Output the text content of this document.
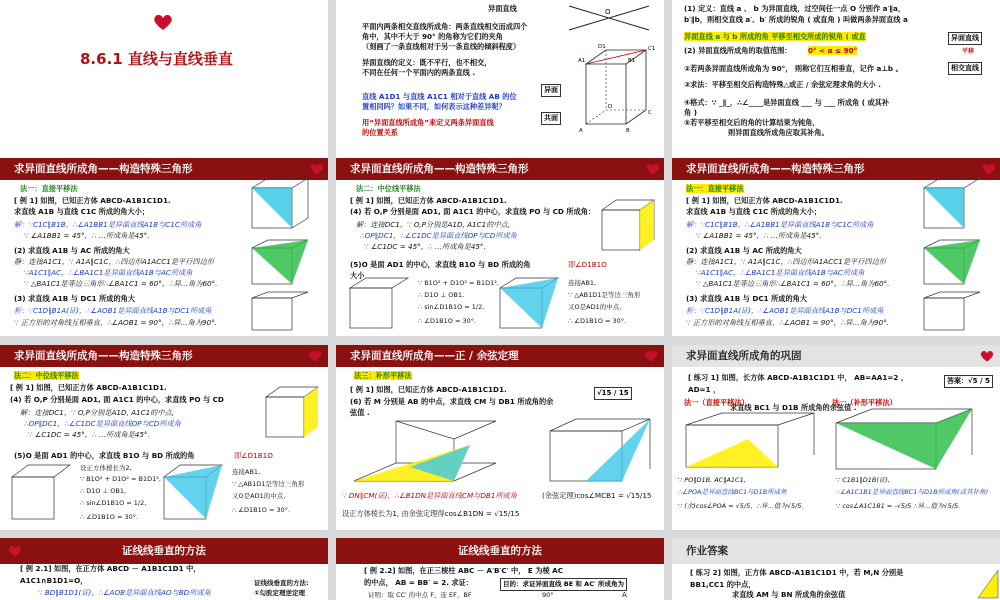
8.6.1 直线与直线垂直
异面直线	O
平面内两条相交直线所成角：两条直线相交而成四个
角中，其中不大于 90° 的角称为它们的夹角
（刻画了一条直线相对于另一条直线的倾斜程度）
异面直线的定义：既不平行，也不相交，
不同在任何一个平面内的两条直线 .
直线 A1D1 与直线 A1C1 相对于直线 AB 的位
置相同吗？如果不同，如何表示这种差异呢？
用“异面直线所成角”来定义两条异面直线
的位置关系
异面
共面
A1	B1
C1
D1
A	B
C
D
(1) 定义：直线 a 、 b 为异面直线，过空间任一点 O 分别作 a′∥a，
b′∥b，则相交直线 a′、b′ 所成的锐角 ( 或直角 ) 叫做两条异面直线 a
异面直线 a 与 b 所成的角 平移至相交所成的锐角 ( 或直
(2) 异面直线所成角的取值范围： 0° < α ≤ 90°
②若两条异面直线所成角为 90°， 则称它们互相垂直，记作 a⊥b 。
③求法：平移至相交后构造特殊△或正 / 余弦定理求角的大小 .
④格式：∵ _∥_，∴∠____是异面直线 ___ 与 ___ 所成角 ( 或其补
角 )
⑤若平移至相交后的角的计算结果为钝角，
则异面直线所成角应取其补角。
异面直线
平移
相交直线
求异面直线所成角——构造特殊三角形
法一：直接平移法
[ 例 1] 如图，已知正方体 ABCD-A1B1C1D1.
求直线 A1B 与直线 C1C 所成的角大小；
解：∵C1C∥B1B，∴∠A1BB1是异面直线A1B与C1C所成角
∵ ∠A1BB1 = 45°，∴ …所成角是45°.
(2) 求直线 A1B 与 AC 所成的角大
静：连接A1C1，∵ A1A∥C1C，∴四边形A1ACC1是平行四边形
∵A1C1∥AC，∴∠BA1C1是异面直线A1B与AC所成角
∵ △BA1C1是等边三角形∴∠BA1C1 = 60°，∴异…角为60°.
(3) 求直线 A1B 与 DC1 所成的角大
析：∵C1D∥B1A(证)，∴∠AOB1是异面直线A1B与DC1所成角
∵ 正方形的对角线互相垂直，∴∠AOB1 = 90°，∴异…角为90°.
求异面直线所成角——构造特殊三角形
法二：中位线平移法
[ 例 1] 如图，已知正方体 ABCD-A1B1C1D1.
(4) 若 O,P 分别是面 AD1, 面 A1C1 的中心，求直线 PO 与 CD 所成角：
解：连接DC1，∵ O,P分别是A1D, A1C1的中点,
∴OP∥DC1，∴∠C1DC是异面直线OP与CD所成角
∵ ∠C1DC = 45°，∴ …所成角是45°.
(5)O 是面 AD1 的中心，求直线 B1O 与 BD 所成的角
大小
即∠D1B1O
∵ B1O² + D1O² = B1D1²,
∴ D1O ⊥ OB1,
∴ sin∠D1B1O = 1/2,
∴ ∠D1B1O = 30°.
连接AB1,
∵ △AB1D1是等边三角形
又O是AD1的中点,
∴ ∠D1B1O = 30°.
求异面直线所成角——构造特殊三角形
法一：直接平移法
[ 例 1] 如图，已知正方体 ABCD-A1B1C1D1.
求直线 A1B 与直线 C1C 所成的角大小；
解：∵C1C∥B1B，∴∠A1BB1是异面直线A1B与C1C所成角
∵ ∠A1BB1 = 45°，∴ …所成角是45°.
(2) 求直线 A1B 与 AC 所成的角大
静：连接A1C1，∵ A1A∥C1C，∴四边形A1ACC1是平行四边形
∵A1C1∥AC，∴∠BA1C1是异面直线A1B与AC所成角
∵ △BA1C1是等边三角形∴∠BA1C1 = 60°，∴异…角为60°.
(3) 求直线 A1B 与 DC1 所成的角大
析：∵C1D∥B1A(证)，∴∠AOB1是异面直线A1B与DC1所成角
∵ 正方形的对角线互相垂直，∴∠AOB1 = 90°，∴异…角为90°.
求异面直线所成角——构造特殊三角形
法二：中位线平移法
[ 例 1] 如图，已知正方体 ABCD-A1B1C1D1.
(4) 若 O,P 分别是面 AD1, 面 A1C1 的中心，求直线 PO 与 CD
解：连接DC1，∵ O,P分别是A1D, A1C1的中点,
∴OP∥DC1，∴∠C1DC是异面直线OP与CD所成角
∵ ∠C1DC = 45°，∴ …所成角是45°.
(5)O 是面 AD1 的中心，求直线 B1O 与 BD 所成的角	即∠D1B1O
设正方体棱长为2,
∵ B1O² + D1O² = B1D1²,
∴ D1O ⊥ OB1,
∴ sin∠D1B1O = 1/2,
∴ ∠D1B1O = 30°.
连接AB1,
∵ △AB1D1是等边三角形
又O是AD1的中点,
∴ ∠D1B1O = 30°.
求异面直线所成角——正 / 余弦定理
法三：补形平移法
[ 例 1] 如图，已知正方体 ABCD-A1B1C1D1.
(6) 若 M 分别是 AB 的中点，求直线 CM 与 DB1 所成角的余
弦值 .
√15 / 15
∵ DN∥CM(证)，∴∠B1DN是异面直线CM与DB1所成角	(余弦定理)cos∠MCB1 = √15/15
设正方体棱长为1, 由余弦定理得cos∠B1DN = √15/15
求异面直线所成角的巩固
[ 练习 1] 如图，长方体 ABCD-A1B1C1D1 中， AB=AA1=2 ，
AD=1 ，
答案：√5 / 5
法一（直接平移法）	法一（补形平移法）
求直线 BC1 与 D1B 所成角的余弦值 .
∵ PO∥D1B, AC∥A1C1,
∴∠POA是异面直线BC1与D1B所成角
∵ (余)cos∠POA = √5/5，∴异…值为√5/5.
∵ C1B1∥D1B(证),
∴∠A1C1B1是异面直线BC1与D1B所成角(或其补角)
∵ cos∠A1C1B1 = -√5/5 ∴异…值为√5/5.
证线线垂直的方法
[ 例 2.1] 如图，在正方体 ABCD － A1B1C1D1 中，
A1C1∩B1D1=O，
∵ BD∥B1D1(证)，∴∠AOB是异面直线AO与BD所成角
证线线垂直的方法:
①勾股定理逆定理
证线线垂直的方法
[ 例 2.2] 如图，在正三棱柱 ABC － A′B′C′ 中， E 为棱 AC
的中点， AB = BB′ = 2. 求证：	目的：求证异面直线 BE 和 AC′ 所成角为
证明：取 CC′ 的中点 F，连 EF，BF	A
90°
作业答案
[ 练习 2] 如图，正方体 ABCD-A1B1C1D1 中，若 M,N 分别是
BB1,CC1 的中点，
求直线 AM 与 BN 所成角的余弦值
